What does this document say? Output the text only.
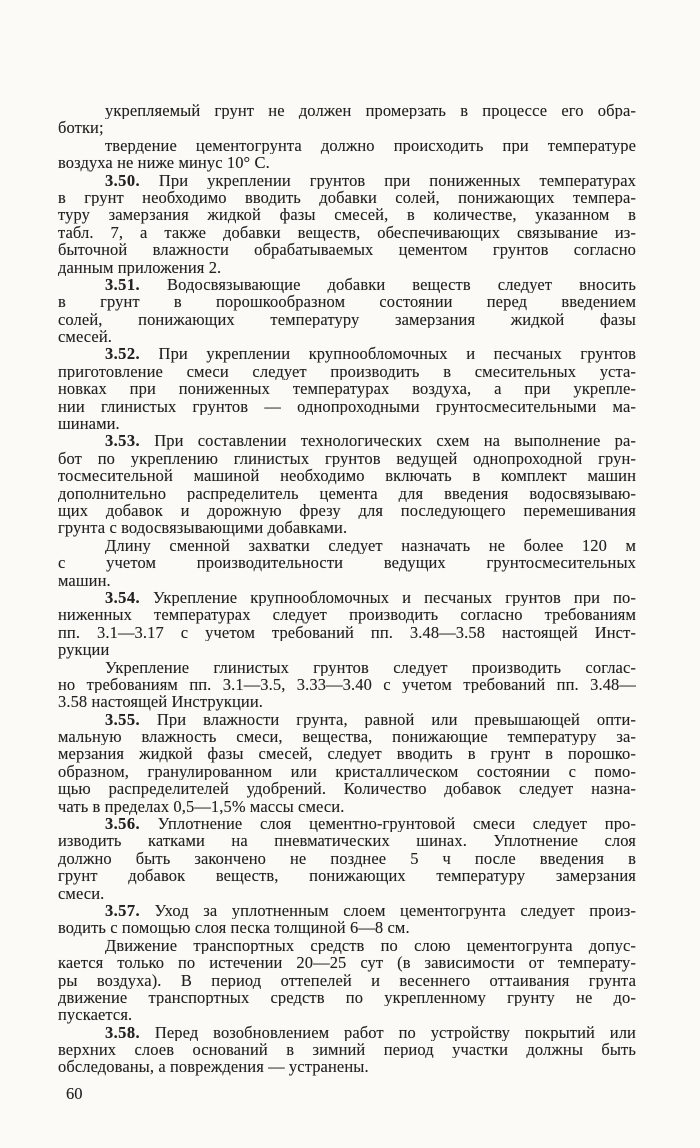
укрепляемый грунт не должен промерзать в процессе его обра-
ботки;
твердение цементогрунта должно происходить при температуре
воздуха не ниже минус 10° С.
3.50. При укреплении грунтов при пониженных температурах
в грунт необходимо вводить добавки солей, понижающих темпера-
туру замерзания жидкой фазы смесей, в количестве, указанном в
табл. 7, а также добавки веществ, обеспечивающих связывание из-
быточной влажности обрабатываемых цементом грунтов согласно
данным приложения 2.
3.51. Водосвязывающие добавки веществ следует вносить
в грунт в порошкообразном состоянии перед введением
солей, понижающих температуру замерзания жидкой фазы
смесей.
3.52. При укреплении крупнообломочных и песчаных грунтов
приготовление смеси следует производить в смесительных уста-
новках при пониженных температурах воздуха, а при укрепле-
нии глинистых грунтов — однопроходными грунтосмесительными ма-
шинами.
3.53. При составлении технологических схем на выполнение ра-
бот по укреплению глинистых грунтов ведущей однопроходной грун-
тосмесительной машиной необходимо включать в комплект машин
дополнительно распределитель цемента для введения водосвязываю-
щих добавок и дорожную фрезу для последующего перемешивания
грунта с водосвязывающими добавками.
Длину сменной захватки следует назначать не более 120 м
с учетом производительности ведущих грунтосмесительных
машин.
3.54. Укрепление крупнообломочных и песчаных грунтов при по-
ниженных температурах следует производить согласно требованиям
пп. 3.1—3.17 с учетом требований пп. 3.48—3.58 настоящей Инст-
рукции
Укрепление глинистых грунтов следует производить соглас-
но требованиям пп. 3.1—3.5, 3.33—3.40 с учетом требований пп. 3.48—
3.58 настоящей Инструкции.
3.55. При влажности грунта, равной или превышающей опти-
мальную влажность смеси, вещества, понижающие температуру за-
мерзания жидкой фазы смесей, следует вводить в грунт в порошко-
образном, гранулированном или кристаллическом состоянии с помо-
щью распределителей удобрений. Количество добавок следует назна-
чать в пределах 0,5—1,5% массы смеси.
3.56. Уплотнение слоя цементно-грунтовой смеси следует про-
изводить катками на пневматических шинах. Уплотнение слоя
должно быть закончено не позднее 5 ч после введения в
грунт добавок веществ, понижающих температуру замерзания
смеси.
3.57. Уход за уплотненным слоем цементогрунта следует произ-
водить с помощью слоя песка толщиной 6—8 см.
Движение транспортных средств по слою цементогрунта допус-
кается только по истечении 20—25 сут (в зависимости от температу-
ры воздуха). В период оттепелей и весеннего оттаивания грунта
движение транспортных средств по укрепленному грунту не до-
пускается.
3.58. Перед возобновлением работ по устройству покрытий или
верхних слоев оснований в зимний период участки должны быть
обследованы, а повреждения — устранены.
60
